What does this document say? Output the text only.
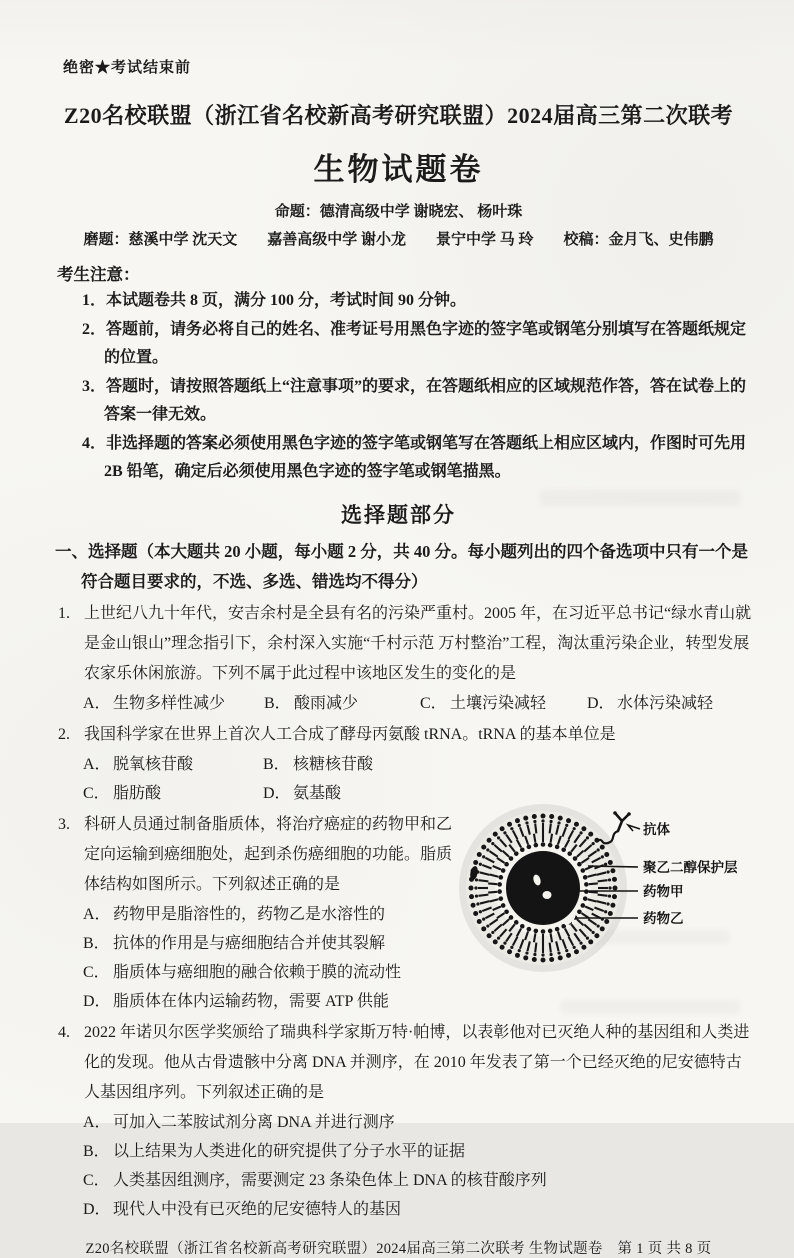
绝密★考试结束前
Z20名校联盟（浙江省名校新高考研究联盟）2024届高三第二次联考
生物试题卷
命题：德清高级中学 谢晓宏、 杨叶珠
磨题：慈溪中学 沈天文　　嘉善高级中学 谢小龙　　景宁中学 马 玲　　校稿：金月飞、史伟鹏
考生注意：
1．本试题卷共 8 页，满分 100 分，考试时间 90 分钟。
2．答题前，请务必将自己的姓名、准考证号用黑色字迹的签字笔或钢笔分别填写在答题纸规定的位置。
3．答题时，请按照答题纸上“注意事项”的要求，在答题纸相应的区域规范作答，答在试卷上的答案一律无效。
4．非选择题的答案必须使用黑色字迹的签字笔或钢笔写在答题纸上相应区域内，作图时可先用 2B 铅笔，确定后必须使用黑色字迹的签字笔或钢笔描黑。
选择题部分
一、选择题（本大题共 20 小题，每小题 2 分，共 40 分。每小题列出的四个备选项中只有一个是符合题目要求的，不选、多选、错选均不得分）
1. 上世纪八九十年代，安吉余村是全县有名的污染严重村。2005 年，在习近平总书记“绿水青山就是金山银山”理念指引下，余村深入实施“千村示范 万村整治”工程，淘汰重污染企业，转型发展农家乐休闲旅游。下列不属于此过程中该地区发生的变化的是
A． 生物多样性减少	B． 酸雨减少	C． 土壤污染减轻	D． 水体污染减轻
2. 我国科学家在世界上首次人工合成了酵母丙氨酸 tRNA。tRNA 的基本单位是
A． 脱氧核苷酸	B． 核糖核苷酸
C． 脂肪酸	D． 氨基酸
3. 科研人员通过制备脂质体，将治疗癌症的药物甲和乙定向运输到癌细胞处，起到杀伤癌细胞的功能。脂质体结构如图所示。下列叙述正确的是
A． 药物甲是脂溶性的，药物乙是水溶性的
B． 抗体的作用是与癌细胞结合并使其裂解
C． 脂质体与癌细胞的融合依赖于膜的流动性
D． 脂质体在体内运输药物，需要 ATP 供能
抗体
聚乙二醇保护层
药物甲
药物乙
4. 2022 年诺贝尔医学奖颁给了瑞典科学家斯万特·帕博，以表彰他对已灭绝人种的基因组和人类进化的发现。他从古骨遗骸中分离 DNA 并测序，在 2010 年发表了第一个已经灭绝的尼安德特古人基因组序列。下列叙述正确的是
A． 可加入二苯胺试剂分离 DNA 并进行测序
B． 以上结果为人类进化的研究提供了分子水平的证据
C． 人类基因组测序，需要测定 23 条染色体上 DNA 的核苷酸序列
D． 现代人中没有已灭绝的尼安德特人的基因
Z20名校联盟（浙江省名校新高考研究联盟）2024届高三第二次联考 生物试题卷　第 1 页 共 8 页
